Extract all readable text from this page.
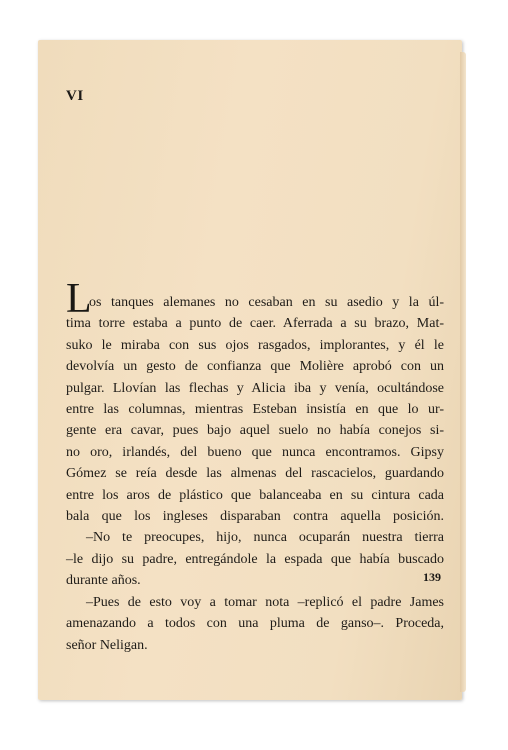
VI
L
os tanques alemanes no cesaban en su asedio y la úl-
tima torre estaba a punto de caer. Aferrada a su brazo, Mat-
suko le miraba con sus ojos rasgados, implorantes, y él le
devolvía un gesto de confianza que Molière aprobó con un
pulgar. Llovían las flechas y Alicia iba y venía, ocultándose
entre las columnas, mientras Esteban insistía en que lo ur-
gente era cavar, pues bajo aquel suelo no había conejos si-
no oro, irlandés, del bueno que nunca encontramos. Gipsy
Gómez se reía desde las almenas del rascacielos, guardando
entre los aros de plástico que balanceaba en su cintura cada
bala que los ingleses disparaban contra aquella posición.
–No te preocupes, hijo, nunca ocuparán nuestra tierra
–le dijo su padre, entregándole la espada que había buscado
durante años.
–Pues de esto voy a tomar nota –replicó el padre James
amenazando a todos con una pluma de ganso–. Proceda,
señor Neligan.
139
